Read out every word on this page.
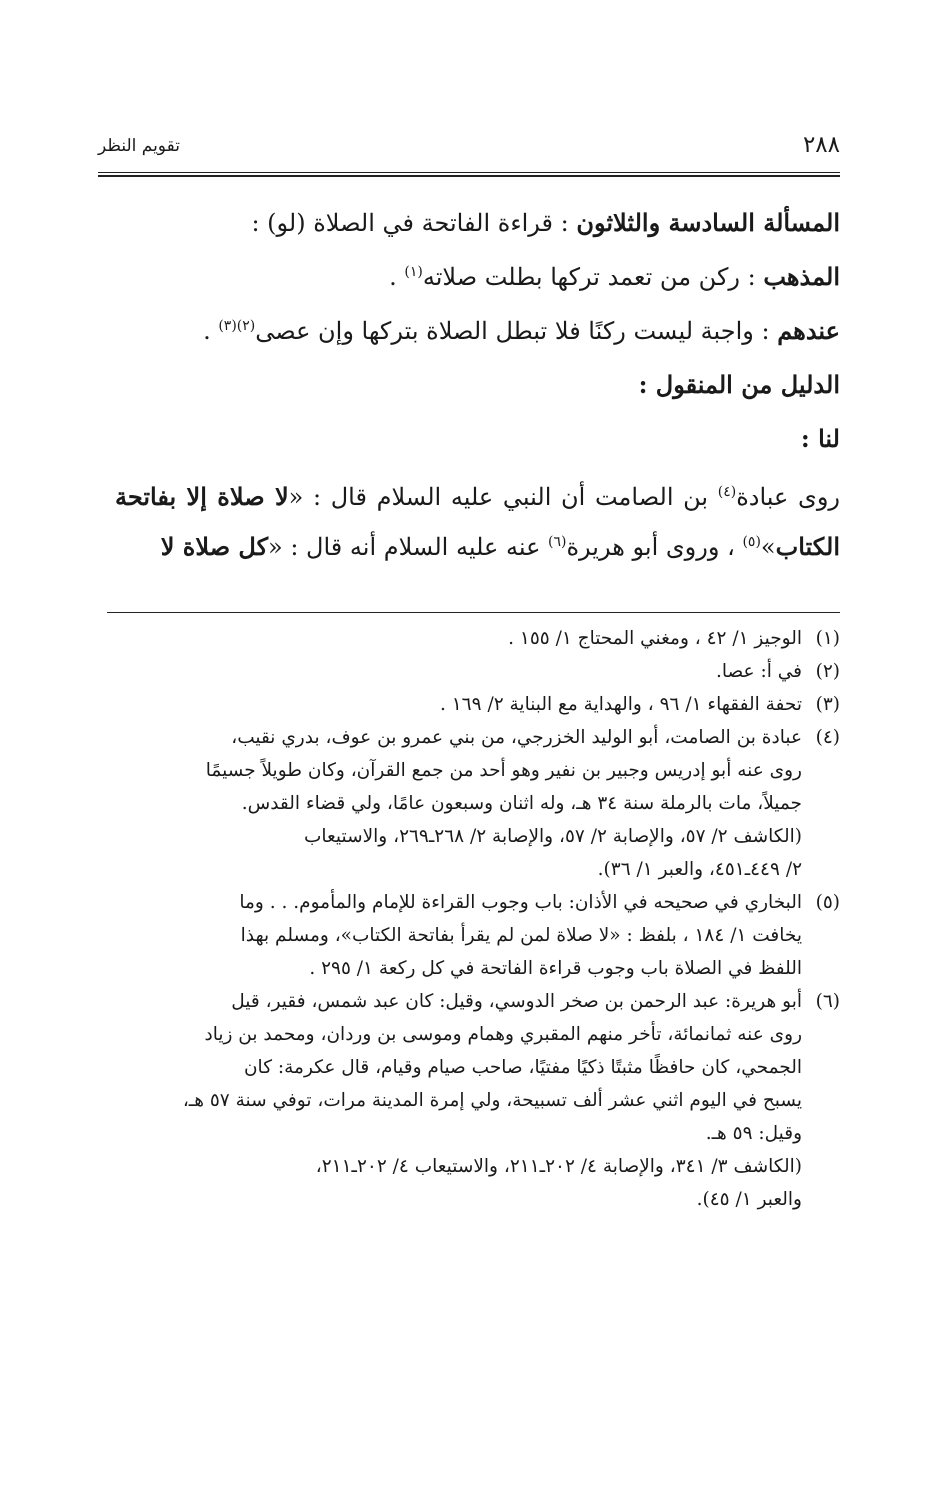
٢٨٨
تقويم النظر

المسألة السادسة والثلاثون : قراءة الفاتحة في الصلاة (لو) :

المذهب : ركن من تعمد تركها بطلت صلاته$^{(١)}$ .

عندهم : واجبة ليست ركنًا فلا تبطل الصلاة بتركها وإن عصى$^{(٢)(٣)}$ .

الدليل من المنقول :

لنا :

روى عبادة$^{(٤)}$ بن الصامت أن النبي عليه السلام قال : «لا صلاة إلا بفاتحة الكتاب»$^{(٥)}$ ، وروى أبو هريرة$^{(٦)}$ عنه عليه السلام أنه قال : «كل صلاة لا

(١)
الوجيز ١/ ٤٢ ، ومغني المحتاج ١/ ١٥٥ .
(٢)
في أ: عصا.
(٣)
تحفة الفقهاء ١/ ٩٦ ، والهداية مع البناية ٢/ ١٦٩ .
(٤)
عبادة بن الصامت، أبو الوليد الخزرجي، من بني عمرو بن عوف، بدري نقيب،
روى عنه أبو إدريس وجبير بن نفير وهو أحد من جمع القرآن، وكان طويلاً جسيمًا
جميلاً، مات بالرملة سنة ٣٤ هـ، وله اثنان وسبعون عامًا، ولي قضاء القدس.
(الكاشف ٢/ ٥٧، والإصابة ٢/ ٥٧، والإصابة ٢/ ٢٦٨ـ٢٦٩، والاستيعاب
٢/ ٤٤٩ـ٤٥١، والعبر ١/ ٣٦).
(٥)
البخاري في صحيحه في الأذان: باب وجوب القراءة للإمام والمأموم. . . وما
يخافت ١/ ١٨٤ ، بلفظ : «لا صلاة لمن لم يقرأ بفاتحة الكتاب»، ومسلم بهذا
اللفظ في الصلاة باب وجوب قراءة الفاتحة في كل ركعة ١/ ٢٩٥ .
(٦)
أبو هريرة: عبد الرحمن بن صخر الدوسي، وقيل: كان عبد شمس، فقير، قيل
روى عنه ثمانمائة، تأخر منهم المقبري وهمام وموسى بن وردان، ومحمد بن زياد
الجمحي، كان حافظًا مثبتًا ذكيًا مفتيًا، صاحب صيام وقيام، قال عكرمة: كان
يسبح في اليوم اثني عشر ألف تسبيحة، ولي إمرة المدينة مرات، توفي سنة ٥٧ هـ،
وقيل: ٥٩ هـ.
(الكاشف ٣/ ٣٤١، والإصابة ٤/ ٢٠٢ـ٢١١، والاستيعاب ٤/ ٢٠٢ـ٢١١،
والعبر ١/ ٤٥).
